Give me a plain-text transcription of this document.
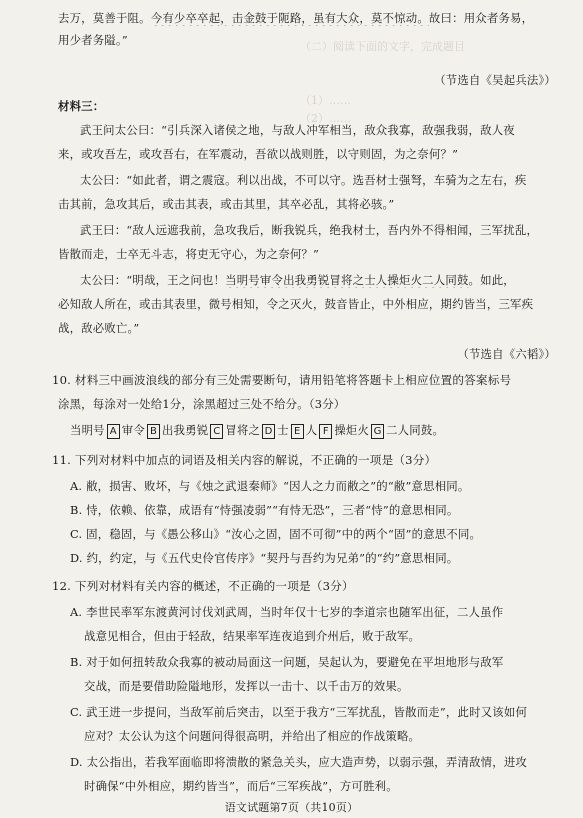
（二）阅读下面的文字，完成题目
（1）……
（2）……
去万，莫善于阻。今有少卒卒起，击金鼓于阨路，虽有大众，莫不惊动。故曰：用众者务易，
用少者务隘。”
（节选自《吴起兵法》）
材料三：
武王问太公曰：“引兵深入诸侯之地，与敌人冲军相当，敌众我寡，敌强我弱，敌人夜
来，或攻吾左，或攻吾右，在军震动，吾欲以战则胜，以守则固，为之奈何？”
太公曰：“如此者，谓之震寇。利以出战，不可以守。选吾材士强弩，车骑为之左右，疾
击其前，急攻其后，或击其表，或击其里，其卒必乱，其将必骇。”
武王曰：“敌人远遮我前，急攻我后，断我锐兵，绝我材士，吾内外不得相闻，三军扰乱，
皆散而走，士卒无斗志，将吏无守心，为之奈何？”
太公曰：“明哉，王之问也！当明号审令出我勇锐冒将之士人操炬火二人同鼓。如此，
必知敌人所在，或击其表里，微号相知，令之灭火，鼓音皆止，中外相应，期约皆当，三军疾
战，敌必败亡。”
（节选自《六韬》）
10. 材料三中画波浪线的部分有三处需要断句，请用铅笔将答题卡上相应位置的答案标号
涂黑，每涂对一处给1分，涂黑超过三处不给分。（3分）
当明号 A 审令 B 出我勇锐 C 冒将之 D 士 E 人 F 操炬火 G 二人同鼓。
11. 下列对材料中加点的词语及相关内容的解说，不正确的一项是（3分）
A. 敝，损害、败坏，与《烛之武退秦师》“因人之力而敝之”的“敝”意思相同。
B. 恃，依赖、依靠，成语有“恃强凌弱”“有恃无恐”，三者“恃”的意思相同。
C. 固，稳固，与《愚公移山》“汝心之固，固不可彻”中的两个“固”的意思不同。
D. 约，约定，与《五代史伶官传序》“契丹与吾约为兄弟”的“约”意思相同。
12. 下列对材料有关内容的概述，不正确的一项是（3分）
A. 李世民率军东渡黄河讨伐刘武周，当时年仅十七岁的李道宗也随军出征，二人虽作
战意见相合，但由于轻敌，结果率军连夜追到介州后，败于敌军。
B. 对于如何扭转敌众我寡的被动局面这一问题，吴起认为，要避免在平坦地形与敌军
交战，而是要借助险隘地形，发挥以一击十、以千击万的效果。
C. 武王进一步提问，当敌军前后突击，以至于我方“三军扰乱，皆散而走”，此时又该如何
应对？太公认为这个问题问得很高明，并给出了相应的作战策略。
D. 太公指出，若我军面临即将溃散的紧急关头，应大造声势，以弱示强，弄清敌情，进攻
时确保“中外相应，期约皆当”，而后“三军疾战”，方可胜利。
语文试题第7页（共10页）
